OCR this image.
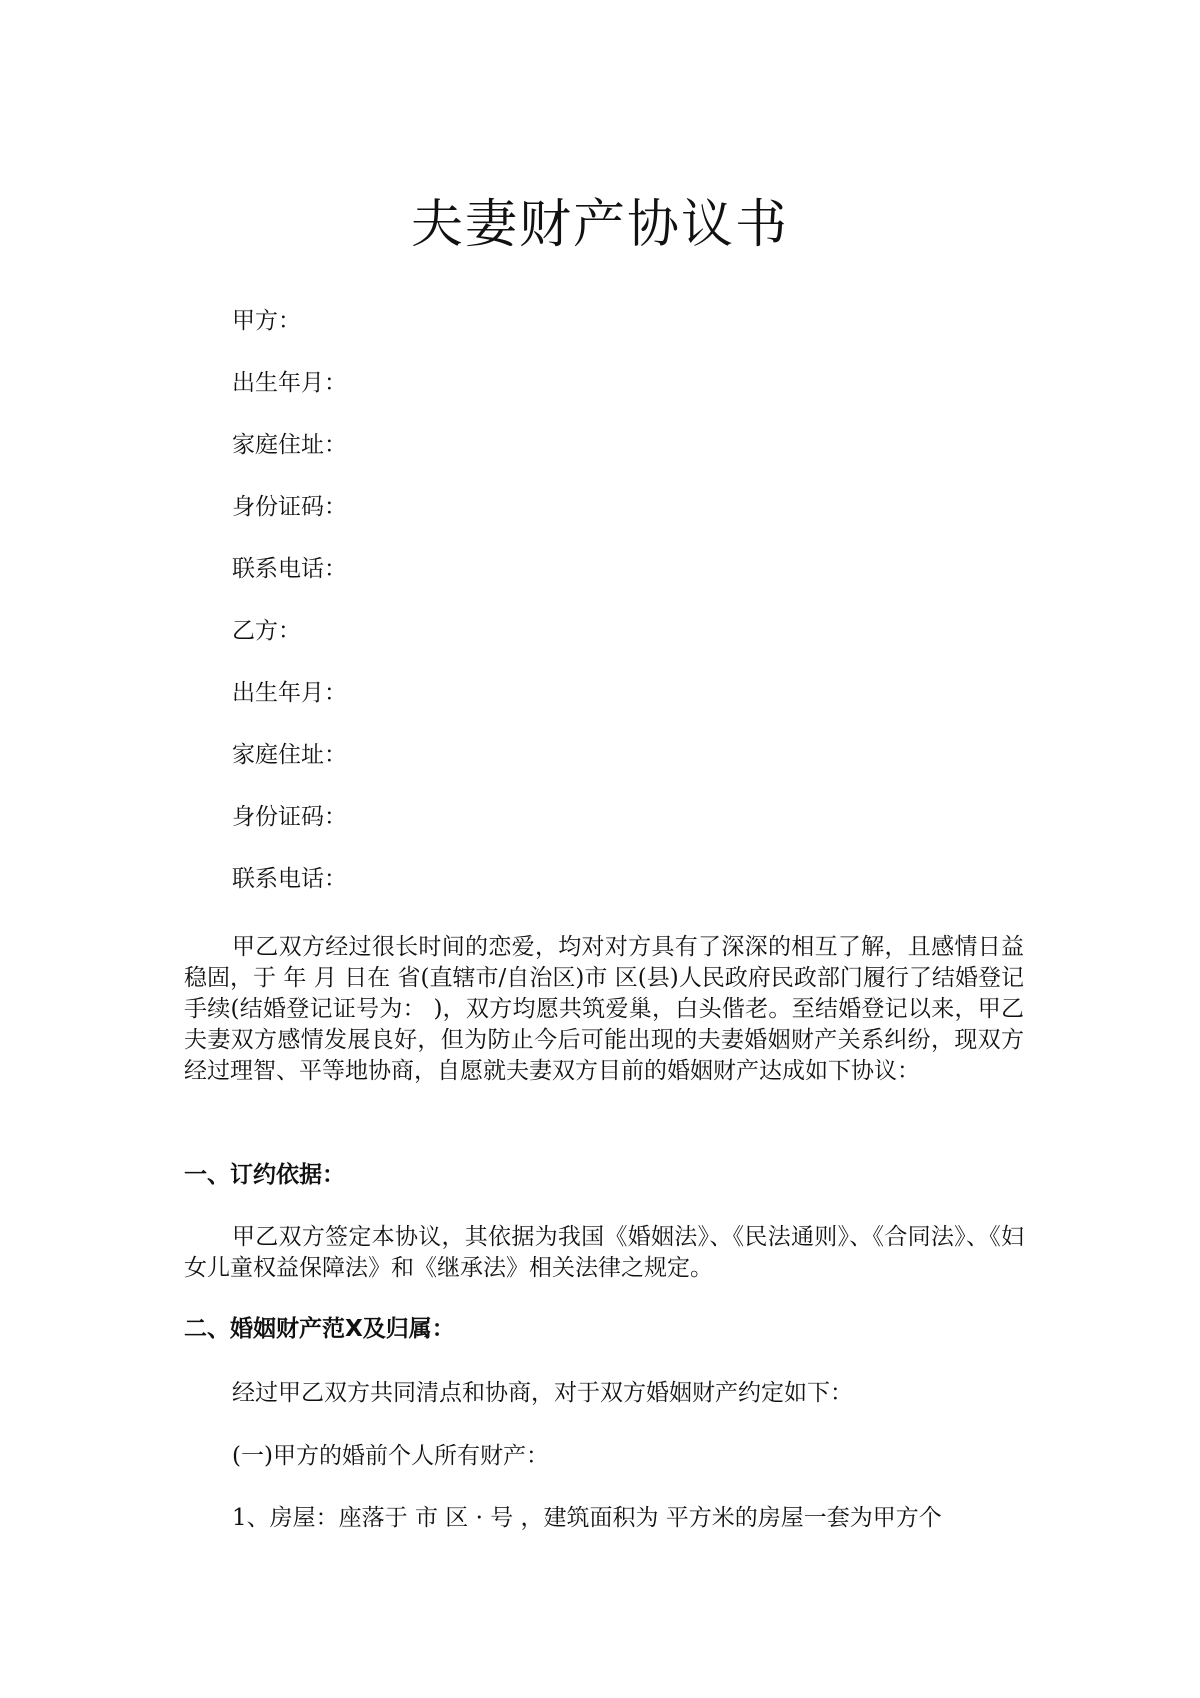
夫妻财产协议书
甲方：
出生年月：
家庭住址：
身份证码：
联系电话：
乙方：
出生年月：
家庭住址：
身份证码：
联系电话：

甲乙双方经过很长时间的恋爱，均对对方具有了深深的相互了解，且感情日益稳固，于 年 月 日在 省(直辖市/自治区)市 区(县)人民政府民政部门履行了结婚登记手续(结婚登记证号为： )，双方均愿共筑爱巢，白头偕老。至结婚登记以来，甲乙夫妻双方感情发展良好，但为防止今后可能出现的夫妻婚姻财产关系纠纷，现双方经过理智、平等地协商，自愿就夫妻双方目前的婚姻财产达成如下协议：

一、订约依据：

甲乙双方签定本协议，其依据为我国《婚姻法》、《民法通则》、《合同法》、《妇女儿童权益保障法》和《继承法》相关法律之规定。

二、婚姻财产范X及归属：

经过甲乙双方共同清点和协商，对于双方婚姻财产约定如下：

(一)甲方的婚前个人所有财产：

1、房屋：座落于 市 区 · 号 ，建筑面积为 平方米的房屋一套为甲方个
